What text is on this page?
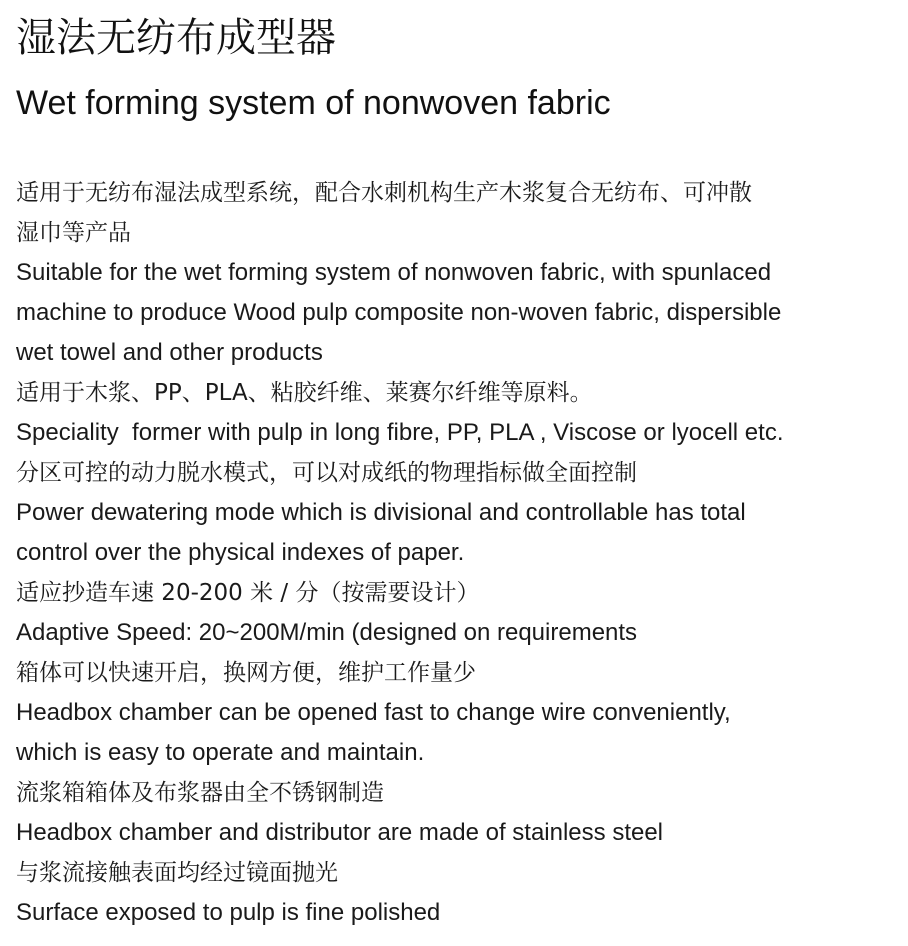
湿法无纺布成型器
Wet forming system of nonwoven fabric
适用于无纺布湿法成型系统，配合水刺机构生产木浆复合无纺布、可冲散
湿巾等产品
Suitable for the wet forming system of nonwoven fabric, with spunlaced
machine to produce Wood pulp composite non-woven fabric, dispersible
wet towel and other products
适用于木浆、PP、PLA、粘胶纤维、莱赛尔纤维等原料。
Speciality  former with pulp in long fibre, PP, PLA , Viscose or lyocell etc.
分区可控的动力脱水模式，可以对成纸的物理指标做全面控制
Power dewatering mode which is divisional and controllable has total
control over the physical indexes of paper.
适应抄造车速 20-200 米 / 分（按需要设计）
Adaptive Speed: 20~200M/min (designed on requirements
箱体可以快速开启，换网方便，维护工作量少
Headbox chamber can be opened fast to change wire conveniently,
which is easy to operate and maintain.
流浆箱箱体及布浆器由全不锈钢制造
Headbox chamber and distributor are made of stainless steel
与浆流接触表面均经过镜面抛光
Surface exposed to pulp is fine polished
